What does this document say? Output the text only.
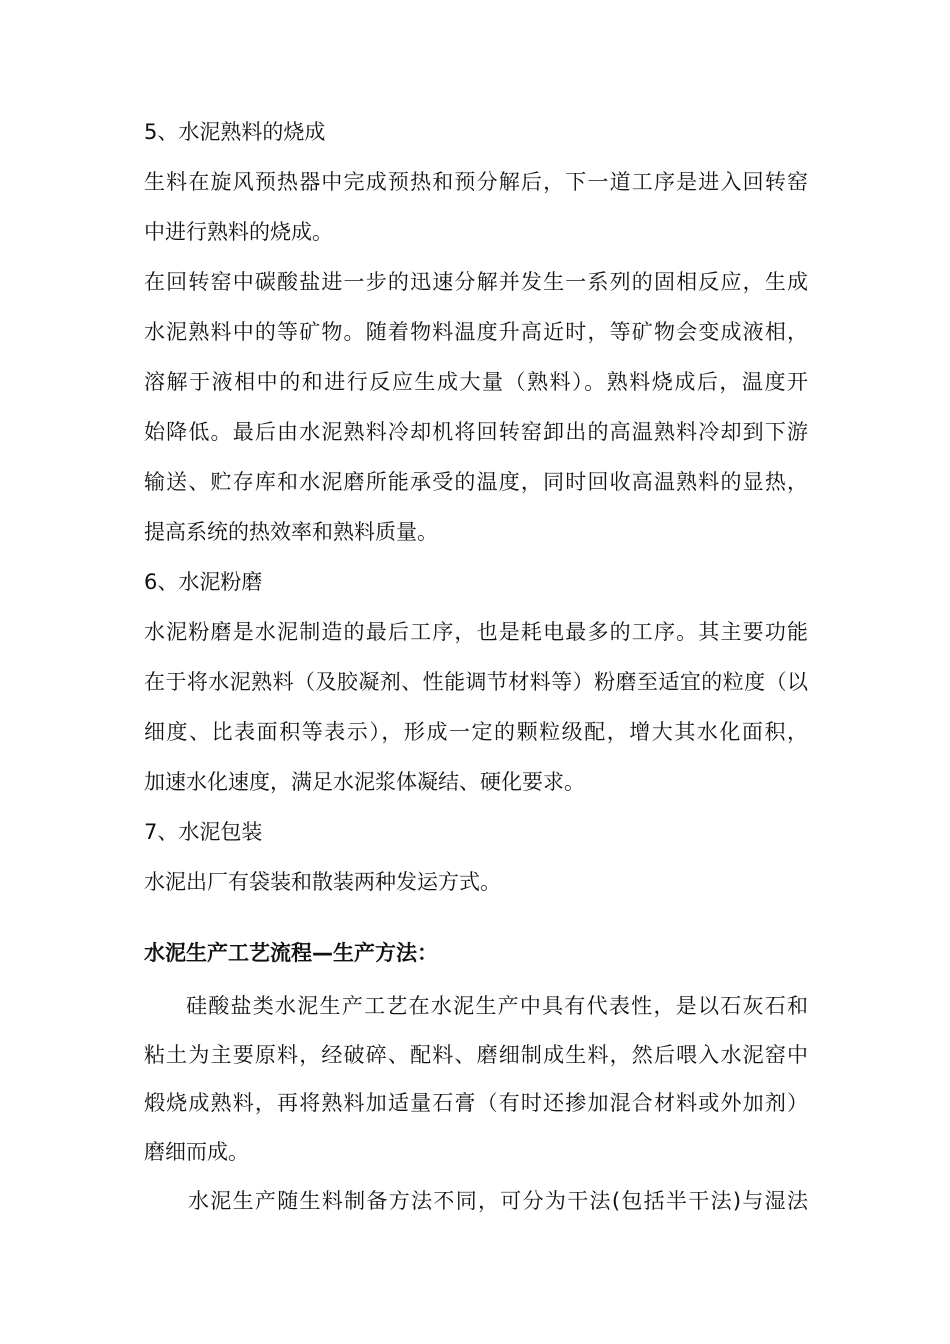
5、水泥熟料的烧成

生料在旋风预热器中完成预热和预分解后，下一道工序是进入回转窑

中进行熟料的烧成。

在回转窑中碳酸盐进一步的迅速分解并发生一系列的固相反应，生成

水泥熟料中的等矿物。随着物料温度升高近时，等矿物会变成液相，

溶解于液相中的和进行反应生成大量（熟料）。熟料烧成后，温度开

始降低。最后由水泥熟料冷却机将回转窑卸出的高温熟料冷却到下游

输送、贮存库和水泥磨所能承受的温度，同时回收高温熟料的显热，

提高系统的热效率和熟料质量。

6、水泥粉磨

水泥粉磨是水泥制造的最后工序，也是耗电最多的工序。其主要功能

在于将水泥熟料（及胶凝剂、性能调节材料等）粉磨至适宜的粒度（以

细度、比表面积等表示），形成一定的颗粒级配，增大其水化面积，

加速水化速度，满足水泥浆体凝结、硬化要求。

7、水泥包装

水泥出厂有袋装和散装两种发运方式。

水泥生产工艺流程—生产方法：

硅酸盐类水泥生产工艺在水泥生产中具有代表性，是以石灰石和

粘土为主要原料，经破碎、配料、磨细制成生料，然后喂入水泥窑中

煅烧成熟料，再将熟料加适量石膏（有时还掺加混合材料或外加剂）

磨细而成。

水泥生产随生料制备方法不同，可分为干法(包括半干法)与湿法
